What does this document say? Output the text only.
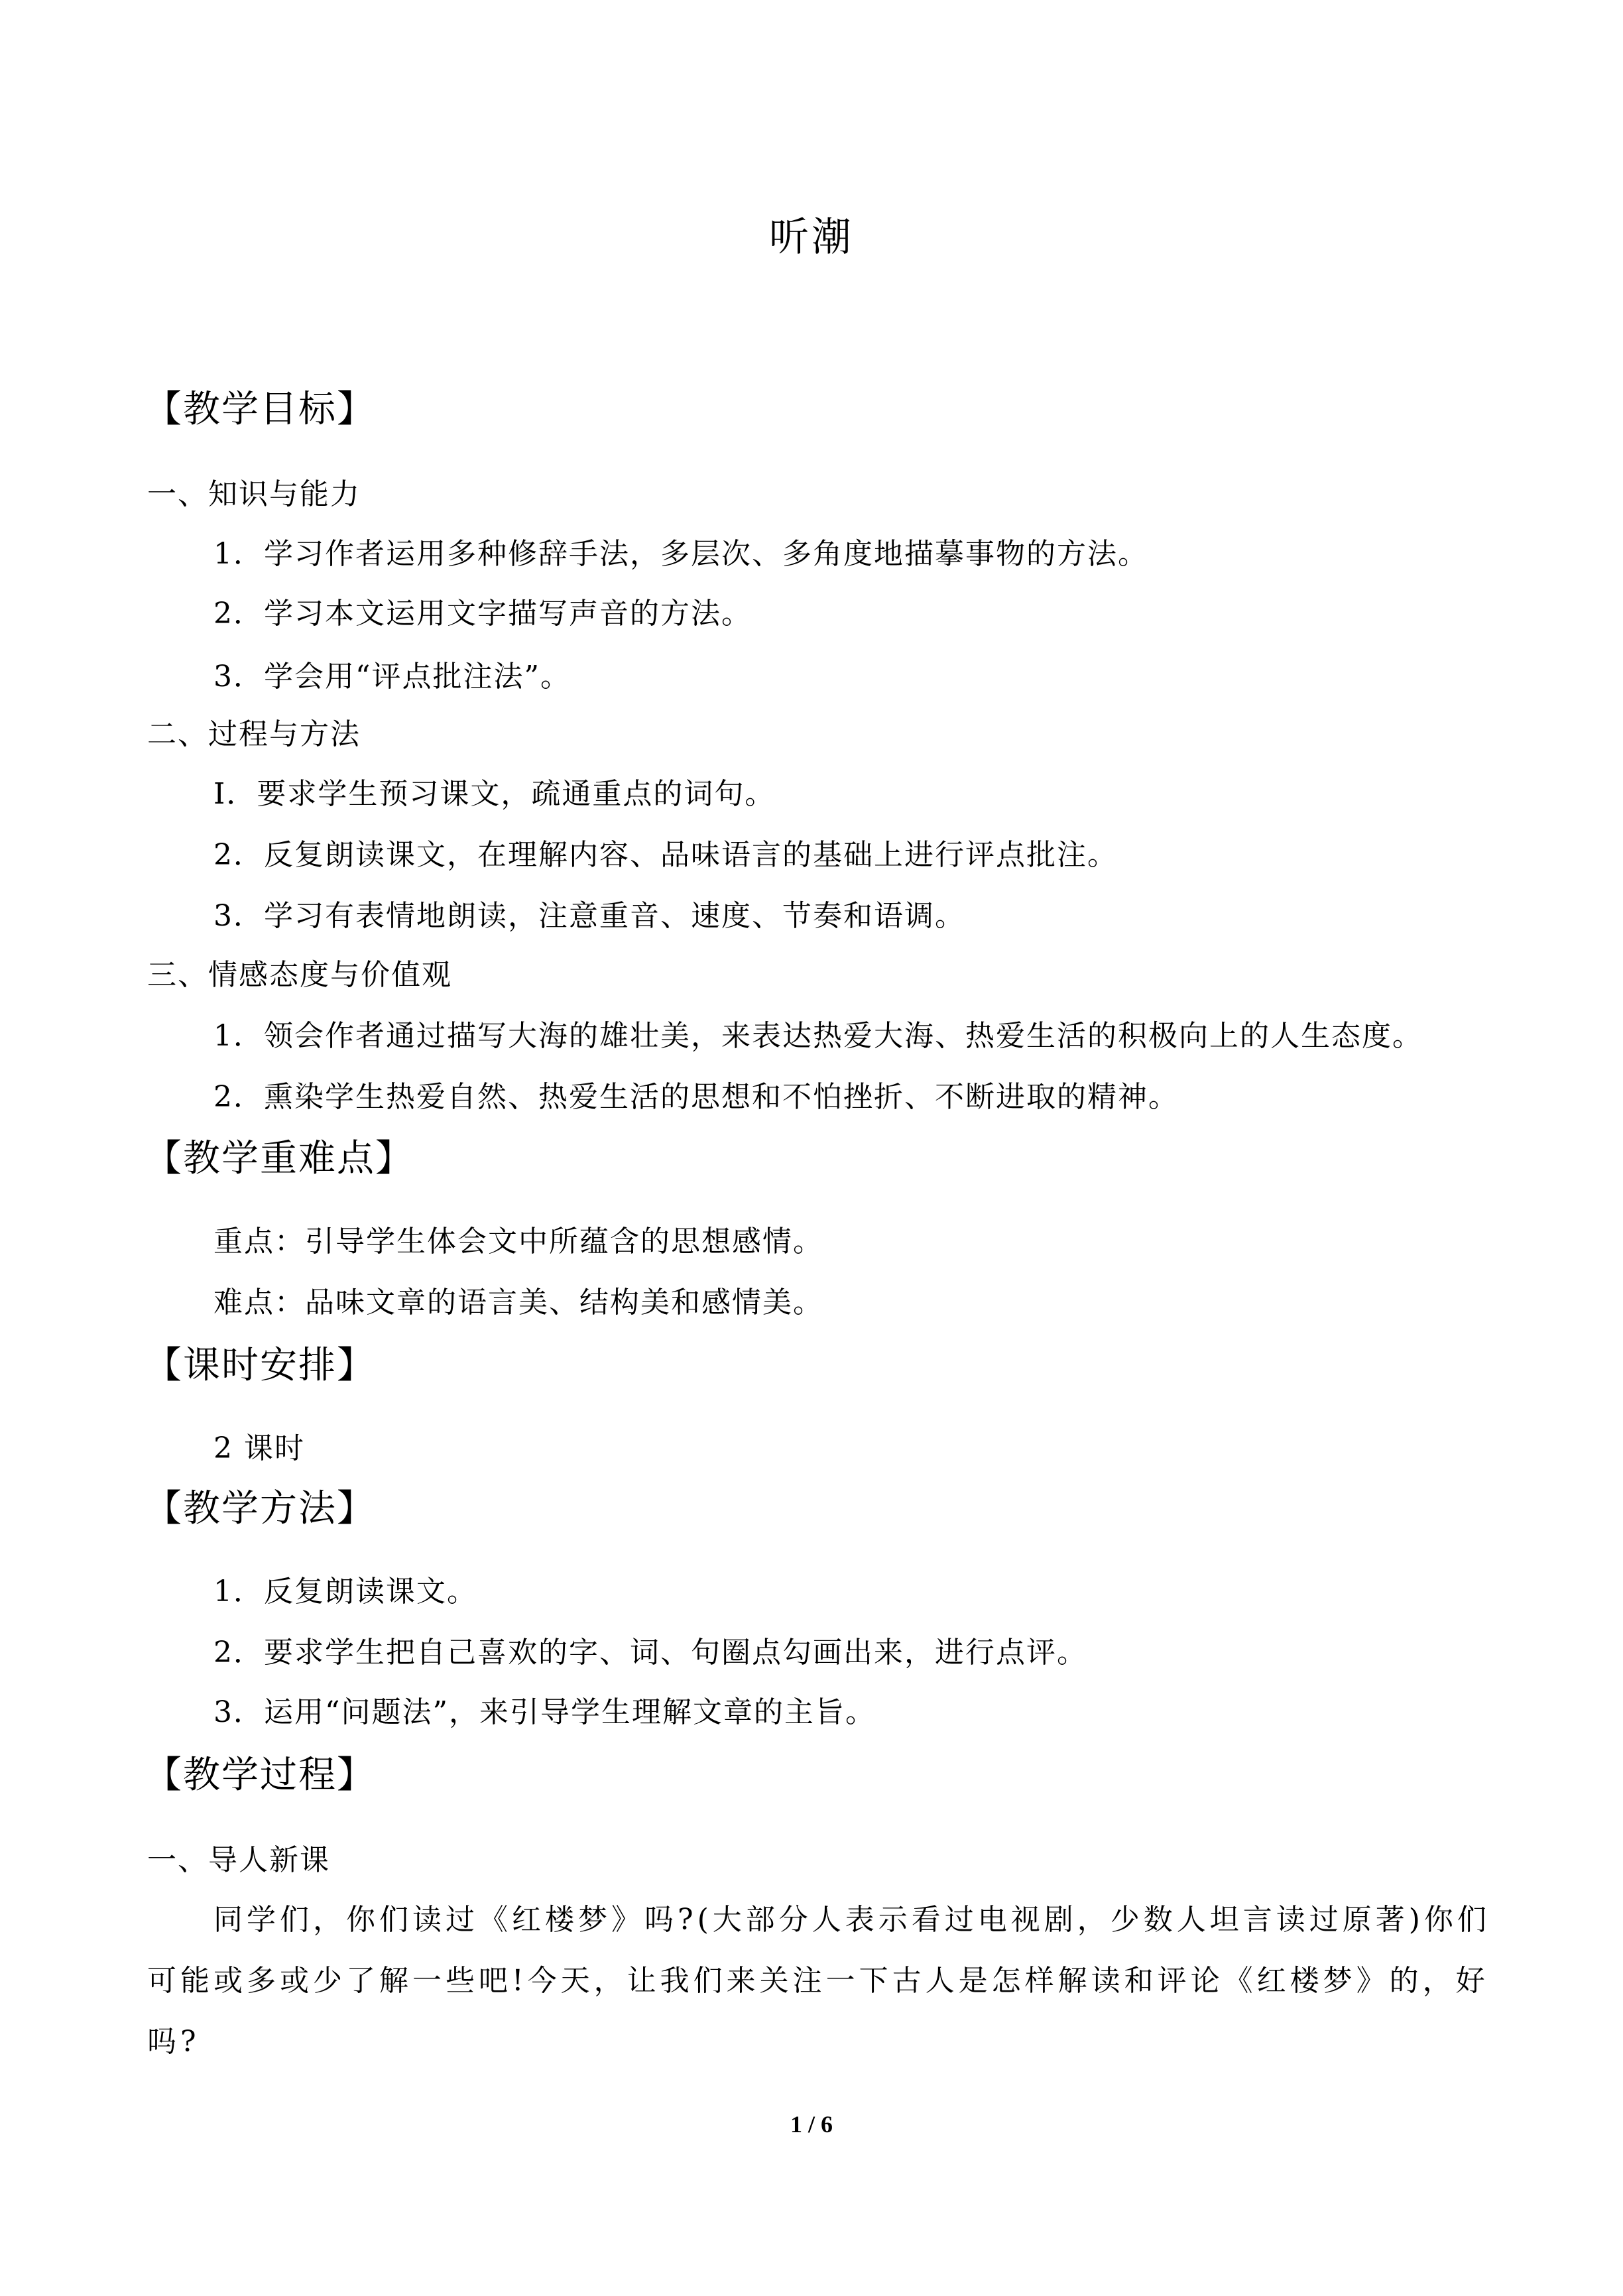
听潮
【教学目标】
一、知识与能力
1．学习作者运用多种修辞手法，多层次、多角度地描摹事物的方法。
2．学习本文运用文字描写声音的方法。
3．学会用“评点批注法”。
二、过程与方法
I．要求学生预习课文，疏通重点的词句。
2．反复朗读课文，在理解内容、品味语言的基础上进行评点批注。
3．学习有表情地朗读，注意重音、速度、节奏和语调。
三、情感态度与价值观
1．领会作者通过描写大海的雄壮美，来表达热爱大海、热爱生活的积极向上的人生态度。
2．熏染学生热爱自然、热爱生活的思想和不怕挫折、不断进取的精神。
【教学重难点】
重点：引导学生体会文中所蕴含的思想感情。
难点：品味文章的语言美、结构美和感情美。
【课时安排】
2 课时
【教学方法】
1．反复朗读课文。
2．要求学生把自己喜欢的字、词、句圈点勾画出来，进行点评。
3．运用“问题法”，来引导学生理解文章的主旨。
【教学过程】
一、导人新课
同学们，你们读过《红楼梦》吗?(大部分人表示看过电视剧，少数人坦言读过原著)你们
可能或多或少了解一些吧!今天，让我们来关注一下古人是怎样解读和评论《红楼梦》的，好
吗?
1 / 6
